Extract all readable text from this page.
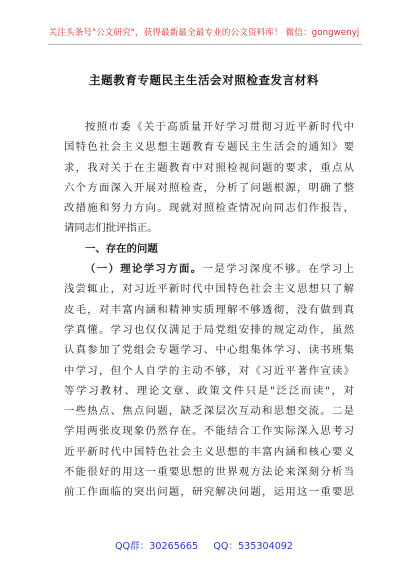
关注头条号"公文研究"，获得最新最全最专业的公文资料库！ 微信：gongwenyj
主题教育专题民主生活会对照检查发言材料
按照市委《关于高质量开好学习贯彻习近平新时代中
国特色社会主义思想主题教育专题民主生活会的通知》要
求，我对关于在主题教育中对照检视问题的要求，重点从
六个方面深入开展对照检查，分析了问题根源，明确了整
改措施和努力方向。现就对照检查情况向同志们作报告，
请同志们批评指正。
一、存在的问题
（一）理论学习方面。一是学习深度不够。在学习上
浅尝辄止，对习近平新时代中国特色社会主义思想只了解
皮毛，对丰富内涵和精神实质理解不够透彻，没有做到真
学真懂。学习也仅仅满足于局党组安排的规定动作，虽然
认真参加了党组会专题学习、中心组集体学习、读书班集
中学习，但个人自学的主动不够，对《习近平著作宣读》
等学习教材、理论文章、政策文件只是"泛泛而读"，对
一些热点、焦点问题，缺乏深层次互动和思想交流。二是
学用两张皮现象仍然存在。不能结合工作实际深入思考习
近平新时代中国特色社会主义思想的丰富内涵和核心要义
不能很好的用这一重要思想的世界观方法论来深刻分析当
前工作面临的突出问题，研究解决问题，运用这一重要思
QQ群：30265665     QQ：535304092
